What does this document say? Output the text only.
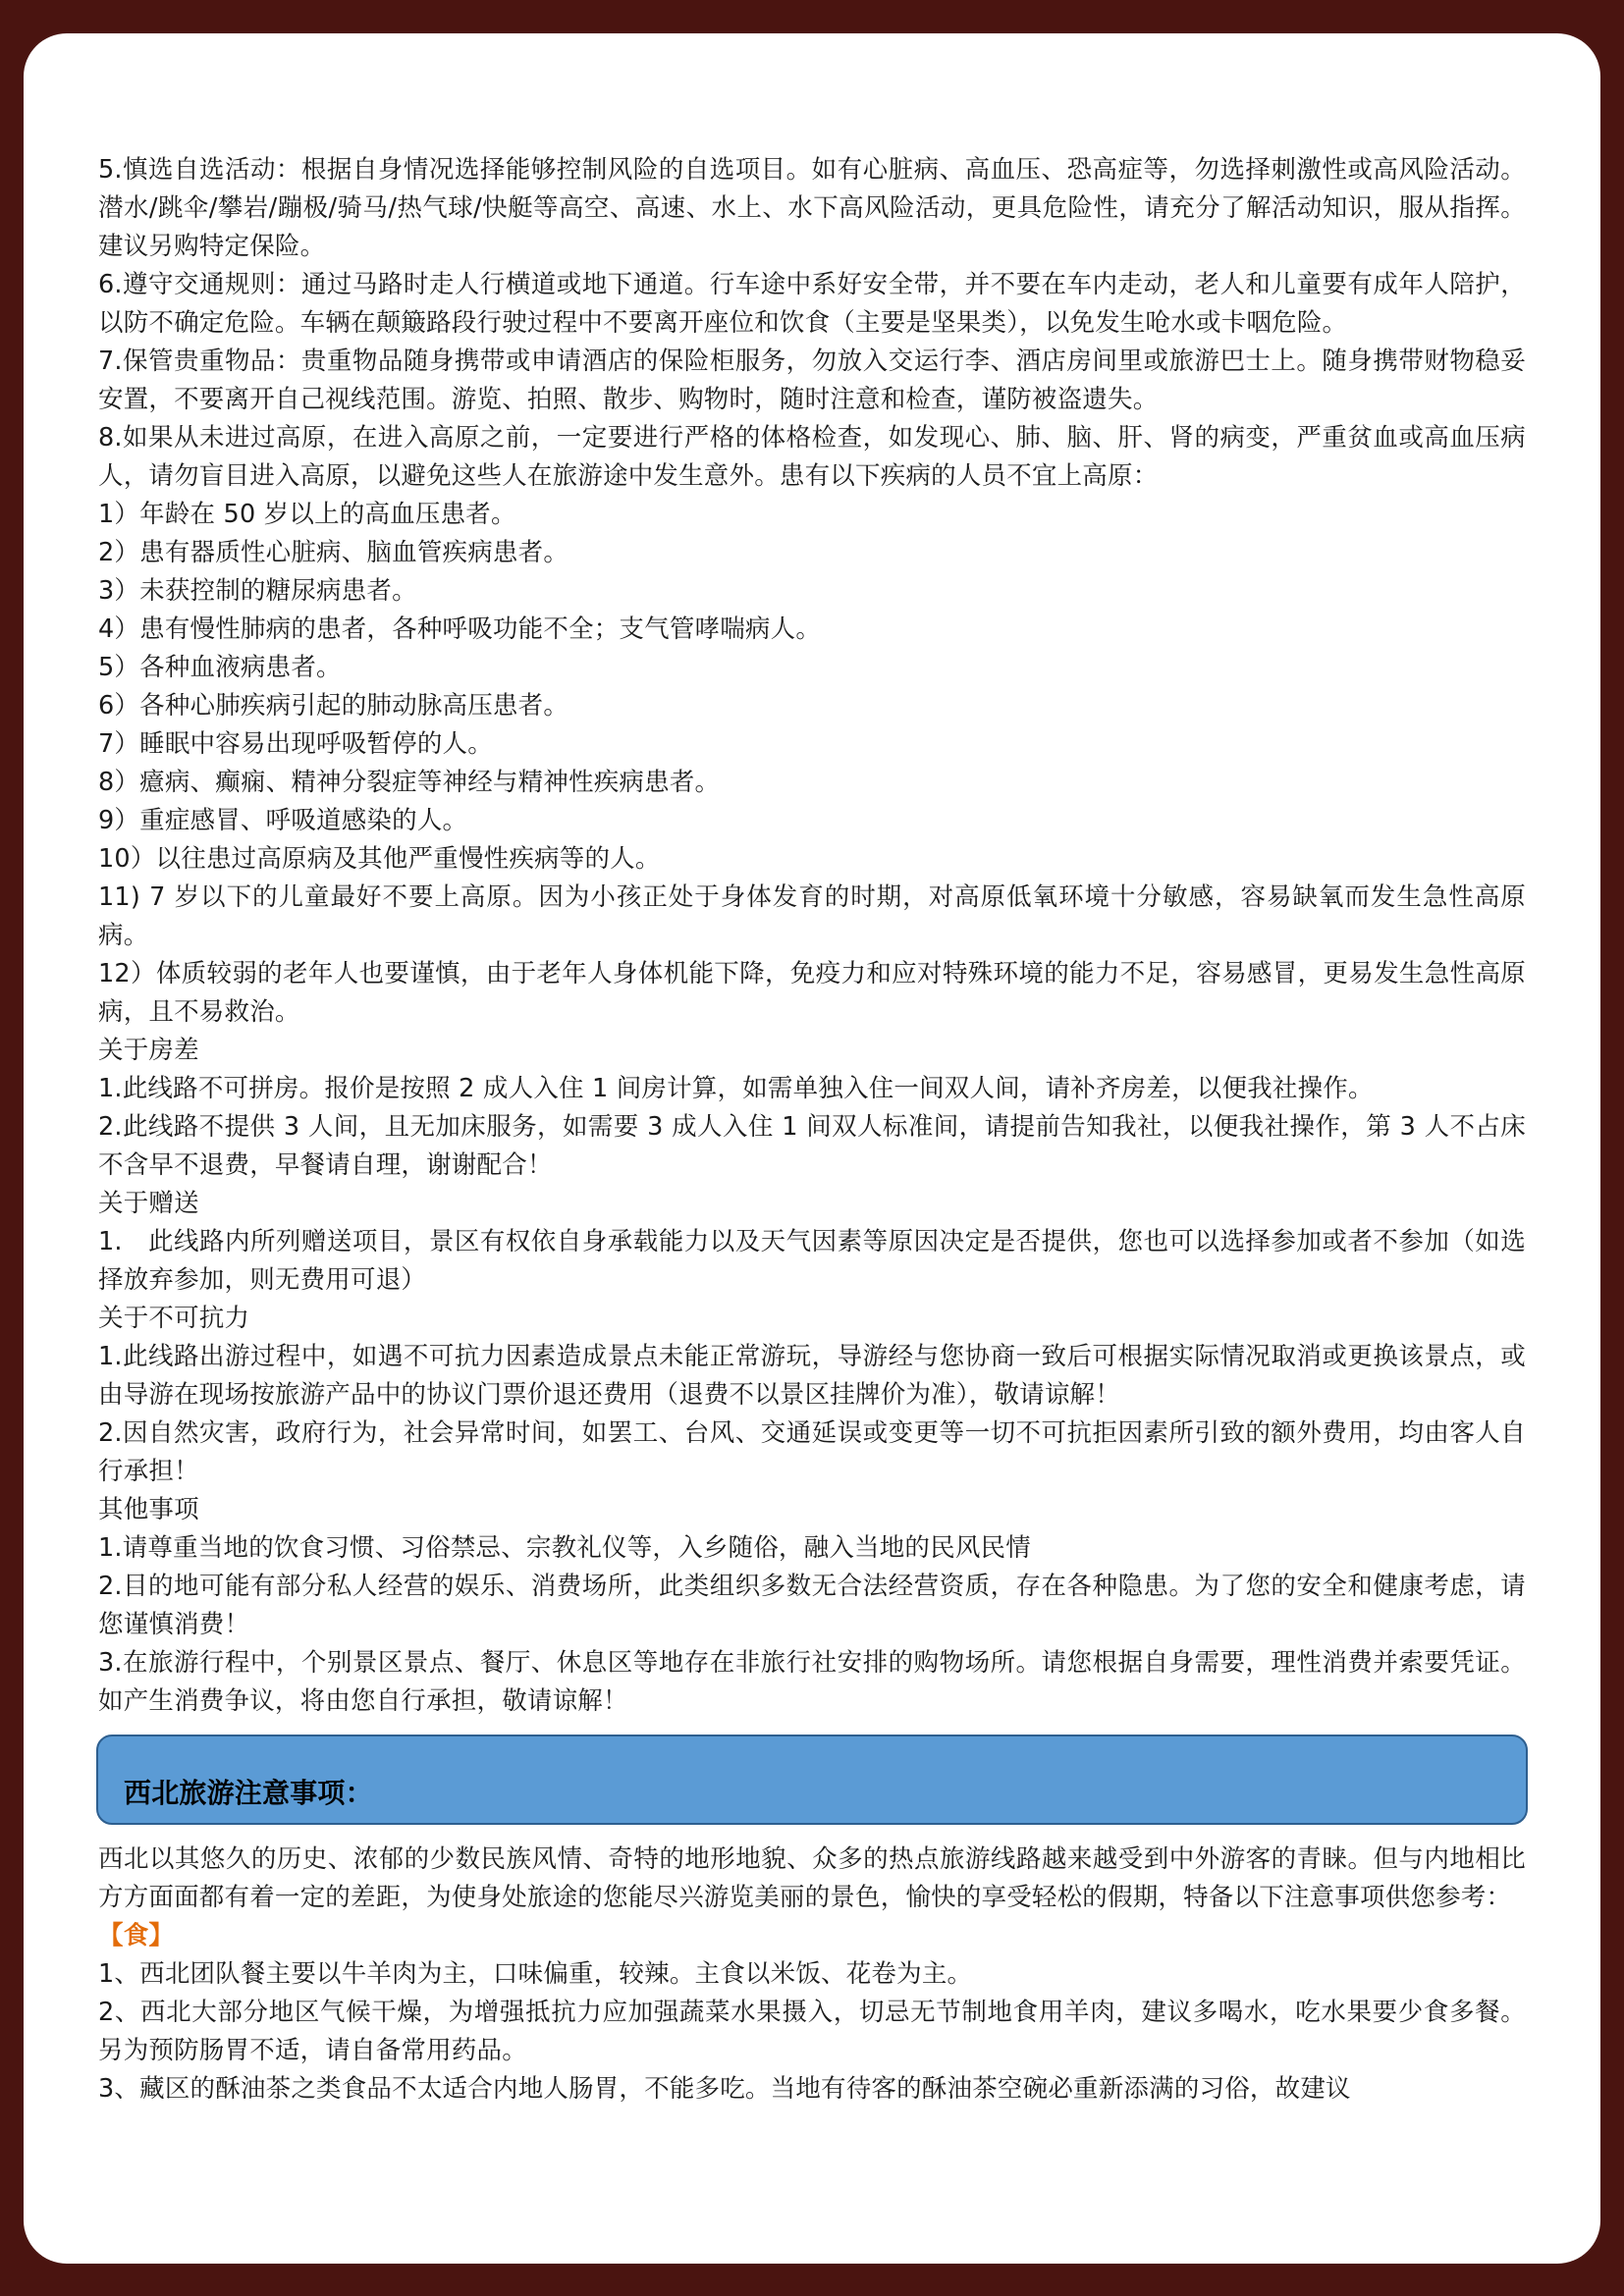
5.慎选自选活动：根据自身情况选择能够控制风险的自选项目。如有心脏病、高血压、恐高症等，勿选择刺激性或高风险活动。潜水/跳伞/攀岩/蹦极/骑马/热气球/快艇等高空、高速、水上、水下高风险活动，更具危险性，请充分了解活动知识，服从指挥。建议另购特定保险。

6.遵守交通规则：通过马路时走人行横道或地下通道。行车途中系好安全带，并不要在车内走动，老人和儿童要有成年人陪护，以防不确定危险。车辆在颠簸路段行驶过程中不要离开座位和饮食（主要是坚果类），以免发生呛水或卡咽危险。

7.保管贵重物品：贵重物品随身携带或申请酒店的保险柜服务，勿放入交运行李、酒店房间里或旅游巴士上。随身携带财物稳妥安置，不要离开自己视线范围。游览、拍照、散步、购物时，随时注意和检查，谨防被盗遗失。

8.如果从未进过高原，在进入高原之前，一定要进行严格的体格检查，如发现心、肺、脑、肝、肾的病变，严重贫血或高血压病人，请勿盲目进入高原，以避免这些人在旅游途中发生意外。患有以下疾病的人员不宜上高原：

1）年龄在 50 岁以上的高血压患者。

2）患有器质性心脏病、脑血管疾病患者。

3）未获控制的糖尿病患者。

4）患有慢性肺病的患者，各种呼吸功能不全；支气管哮喘病人。

5）各种血液病患者。

6）各种心肺疾病引起的肺动脉高压患者。

7）睡眠中容易出现呼吸暂停的人。

8）癔病、癫痫、精神分裂症等神经与精神性疾病患者。

9）重症感冒、呼吸道感染的人。

10）以往患过高原病及其他严重慢性疾病等的人。

11) 7 岁以下的儿童最好不要上高原。因为小孩正处于身体发育的时期，对高原低氧环境十分敏感，容易缺氧而发生急性高原病。

12）体质较弱的老年人也要谨慎，由于老年人身体机能下降，免疫力和应对特殊环境的能力不足，容易感冒，更易发生急性高原病，且不易救治。

关于房差

1.此线路不可拼房。报价是按照 2 成人入住 1 间房计算，如需单独入住一间双人间，请补齐房差，以便我社操作。

2.此线路不提供 3 人间，且无加床服务，如需要 3 成人入住 1 间双人标准间，请提前告知我社，以便我社操作，第 3 人不占床不含早不退费，早餐请自理，谢谢配合！

关于赠送

1.　此线路内所列赠送项目，景区有权依自身承载能力以及天气因素等原因决定是否提供，您也可以选择参加或者不参加（如选择放弃参加，则无费用可退）

关于不可抗力

1.此线路出游过程中，如遇不可抗力因素造成景点未能正常游玩，导游经与您协商一致后可根据实际情况取消或更换该景点，或由导游在现场按旅游产品中的协议门票价退还费用（退费不以景区挂牌价为准），敬请谅解！

2.因自然灾害，政府行为，社会异常时间，如罢工、台风、交通延误或变更等一切不可抗拒因素所引致的额外费用，均由客人自行承担！

其他事项

1.请尊重当地的饮食习惯、习俗禁忌、宗教礼仪等，入乡随俗，融入当地的民风民情

2.目的地可能有部分私人经营的娱乐、消费场所，此类组织多数无合法经营资质，存在各种隐患。为了您的安全和健康考虑，请您谨慎消费！

3.在旅游行程中，个别景区景点、餐厅、休息区等地存在非旅行社安排的购物场所。请您根据自身需要，理性消费并索要凭证。如产生消费争议，将由您自行承担，敬请谅解！

西北旅游注意事项：

西北以其悠久的历史、浓郁的少数民族风情、奇特的地形地貌、众多的热点旅游线路越来越受到中外游客的青睐。但与内地相比方方面面都有着一定的差距，为使身处旅途的您能尽兴游览美丽的景色，愉快的享受轻松的假期，特备以下注意事项供您参考：

【食】

1、西北团队餐主要以牛羊肉为主，口味偏重，较辣。主食以米饭、花卷为主。

2、西北大部分地区气候干燥，为增强抵抗力应加强蔬菜水果摄入，切忌无节制地食用羊肉，建议多喝水，吃水果要少食多餐。另为预防肠胃不适，请自备常用药品。

3、藏区的酥油茶之类食品不太适合内地人肠胃，不能多吃。当地有待客的酥油茶空碗必重新添满的习俗，故建议
